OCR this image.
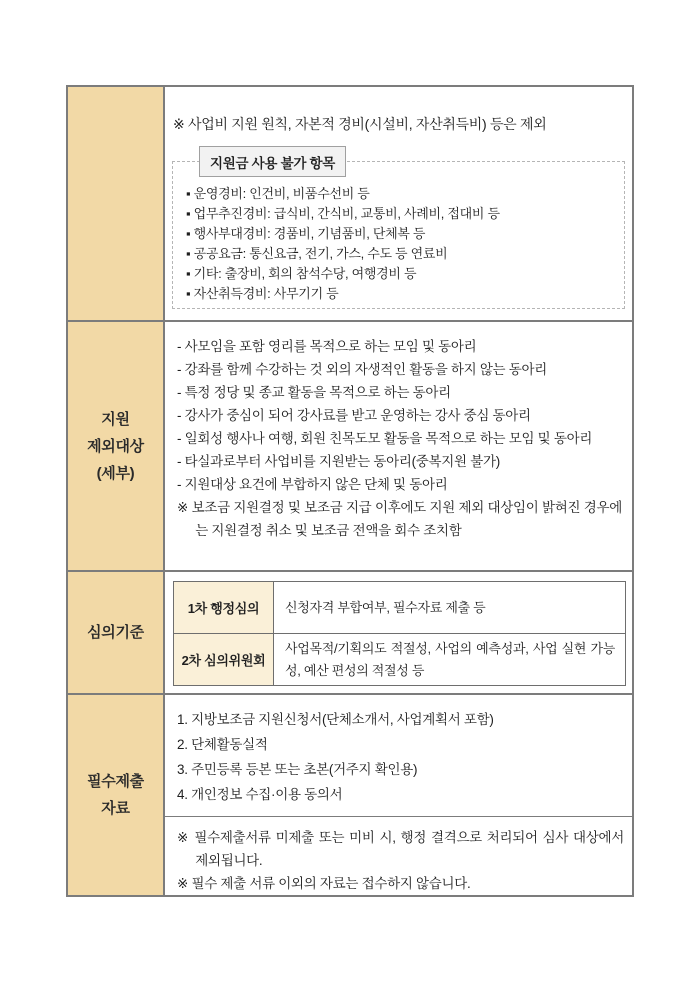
※ 사업비 지원 원칙, 자본적 경비(시설비, 자산취득비) 등은 제외
▪ 운영경비: 인건비, 비품수선비 등
▪ 업무추진경비: 급식비, 간식비, 교통비, 사례비, 접대비 등
▪ 행사부대경비: 경품비, 기념품비, 단체복 등
▪ 공공요금: 통신요금, 전기, 가스, 수도 등 연료비
▪ 기타: 출장비, 회의 참석수당, 여행경비 등
▪ 자산취득경비: 사무기기 등
지원금 사용 불가 항목
지원
제외대상
(세부)
- 사모임을 포함 영리를 목적으로 하는 모임 및 동아리
- 강좌를 함께 수강하는 것 외의 자생적인 활동을 하지 않는 동아리
- 특정 정당 및 종교 활동을 목적으로 하는 동아리
- 강사가 중심이 되어 강사료를 받고 운영하는 강사 중심 동아리
- 일회성 행사나 여행, 회원 친목도모 활동을 목적으로 하는 모임 및 동아리
- 타실과로부터 사업비를 지원받는 동아리(중복지원 불가)
- 지원대상 요건에 부합하지 않은 단체 및 동아리
※ 보조금 지원결정 및 보조금 지급 이후에도 지원 제외 대상임이 밝혀진 경우에는 지원결정 취소 및 보조금 전액을 회수 조치함
심의기준
1차 행정심의	신청자격 부합여부, 필수자료 제출 등
2차 심의위원회
사업목적/기획의도 적절성, 사업의 예측성과, 사업 실현 가능성, 예산 편성의 적절성 등
필수제출
자료
1. 지방보조금 지원신청서(단체소개서, 사업계획서 포함)
2. 단체활동실적
3. 주민등록 등본 또는 초본(거주지 확인용)
4. 개인정보 수집·이용 동의서
※ 필수제출서류 미제출 또는 미비 시, 행정 결격으로 처리되어 심사 대상에서 제외됩니다.
※ 필수 제출 서류 이외의 자료는 접수하지 않습니다.
